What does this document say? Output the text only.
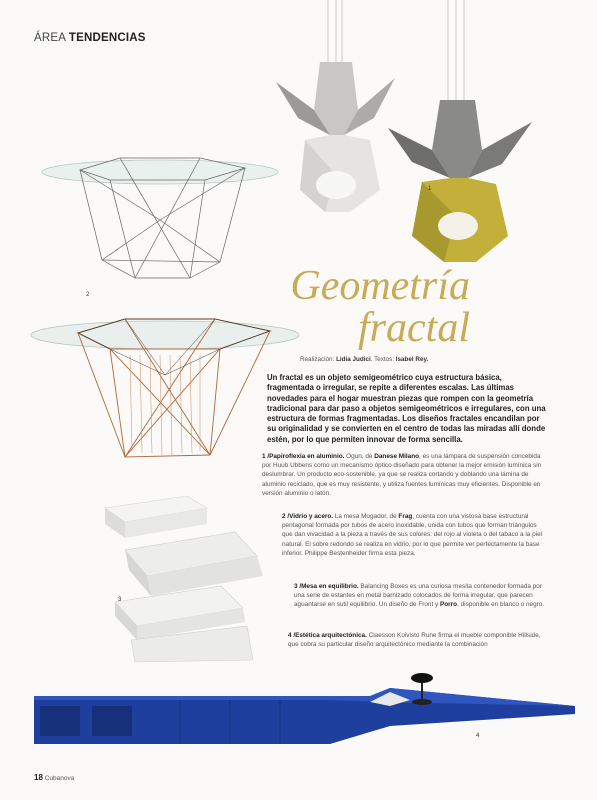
ÁREA TENDENCIAS
1
2	Geometría
fractal
Realización: Lidia Judici. Textos: Isabel Rey.
Un fractal es un objeto semigeométrico cuya estructura básica, fragmentada o irregular, se repite a diferentes escalas. Las últimas novedades para el hogar muestran piezas que rompen con la geometría tradicional para dar paso a objetos semigeométricos e irregulares, con una estructura de formas fragmentadas. Los diseños fractales encandilan por su originalidad y se convierten en el centro de todas las miradas allí donde estén, por lo que permiten innovar de forma sencilla.
1 /Papiroflexia en aluminio. Ogun, de Danese Milano, es una lámpara de suspensión concebida por Huub Ubbens como un mecanismo óptico diseñado para obtener la mejor emisión lumínica sin deslumbrar. Un producto eco-sostenible, ya que se realiza cortando y doblando una lámina de aluminio reciclado, que es muy resistente, y utiliza fuentes lumínicas muy eficientes. Disponible en versión aluminio o latón.
2 /Vidrio y acero. La mesa Mogador, de Frag, cuenta con una vistosa base estructural pentagonal formada por tubos de acero inoxidable, unida con tubos que forman triángulos que dan vivacidad a la pieza a través de sus colores: del rojo al violeta o del tabaco a la piel natural. El sobre redondo se realiza en vidrio, por lo que permite ver perfectamente la base inferior. Philippe Bestenheider firma esta pieza.
3 /Mesa en equilibrio. Balancing Boxes es una curiosa mesita contenedor formada por una serie de estantes en metal barnizado colocados de forma irregular, que parecen aguantarse en sutil equilibrio. Un diseño de Front y Porro, disponible en blanco o negro.
4 /Estética arquitectónica. Claesson Koivisto Rune firma el mueble componible Hillside, que cobra su particular diseño arquitectónico mediante la combinación
3
4
18 Cubanova
